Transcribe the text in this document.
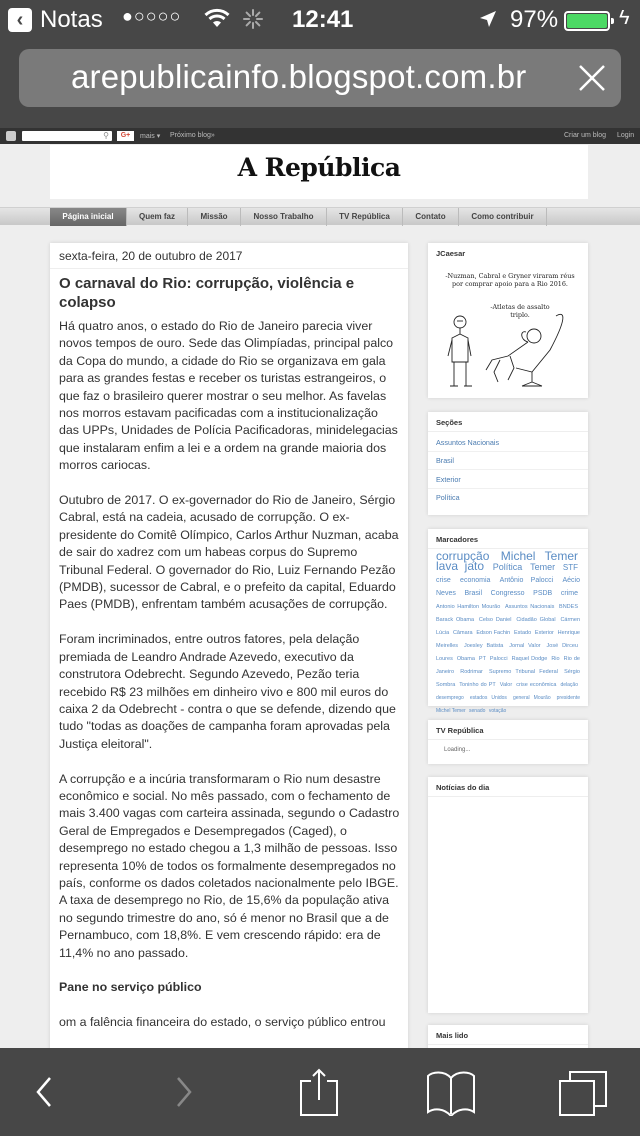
‹ Notas ●○○○○	12:41	97%	ϟ
arepublicainfo.blogspot.com.br
⚲	G+	mais ▾ Próximo blog»	Criar um blog Login
A República
Página inicial	Quem faz	Missão	Nosso Trabalho	TV República	Contato	Como contribuir
sexta-feira, 20 de outubro de 2017
O carnaval do Rio: corrupção, violência e colapso

Há quatro anos, o estado do Rio de Janeiro parecia viver novos tempos de ouro. Sede das Olimpíadas, principal palco da Copa do mundo, a cidade do Rio se organizava em gala para as grandes festas e receber os turistas estrangeiros, o que faz o brasileiro querer mostrar o seu melhor. As favelas nos morros estavam pacificadas com a institucionalização das UPPs, Unidades de Polícia Pacificadoras, minidelegacias que instalaram enfim a lei e a ordem na grande maioria dos morros cariocas.

Outubro de 2017. O ex-governador do Rio de Janeiro, Sérgio Cabral, está na cadeia, acusado de corrupção. O ex-presidente do Comitê Olímpico, Carlos Arthur Nuzman, acaba de sair do xadrez com um habeas corpus do Supremo Tribunal Federal. O governador do Rio, Luiz Fernando Pezão (PMDB), sucessor de Cabral, e o prefeito da capital, Eduardo Paes (PMDB), enfrentam também acusações de corrupção.

Foram incriminados, entre outros fatores, pela delação premiada de Leandro Andrade Azevedo, executivo da construtora Odebrecht. Segundo Azevedo, Pezão teria recebido R$ 23 milhões em dinheiro vivo e 800 mil euros do caixa 2 da Odebrecht - contra o que se defende, dizendo que tudo "todas as doações de campanha foram aprovadas pela Justiça eleitoral".

A corrupção e a incúria transformaram o Rio num desastre econômico e social. No mês passado, com o fechamento de mais 3.400 vagas com carteira assinada, segundo o Cadastro Geral de Empregados e Desempregados (Caged), o desemprego no estado chegou a 1,3 milhão de pessoas. Isso representa 10% de todos os formalmente desempregados no país, conforme os dados coletados nacionalmente pelo IBGE. A taxa de desemprego no Rio, de 15,6% da população ativa no segundo trimestre do ano, só é menor no Brasil que a de Pernambuco, com 18,8%. E vem crescendo rápido: era de 11,4% no ano passado.

Pane no serviço público

om a falência financeira do estado, o serviço público entrou

JCaesar
-Nuzman, Cabral e Gryner viraram réus por comprar apoio para a Rio 2016.
-Atletas de assalto triplo.
Seções
Assuntos Nacionais
Brasil
Exterior
Política
Marcadores
corrupção Michel Temer lava jato Política Temer STF crise economia Antônio Palocci Aécio Neves Brasil Congresso PSDB crime Antonio Hamilton Mourão Assuntos Nacionais BNDES Barack Obama Celso Daniel Cidadão Global Cármen Lúcia Câmara Edson Fachin Estado Exterior Henrique Meirelles Joesley Batista Jornal Valor José Dirceu Loures Obama PT Palocci Raquel Dodge Rio Rio de Janeiro Rodrimar Supremo Tribunal Federal Sérgio Sombra Toninho do PT Valor crise econômica delação desemprego estados Unidos general Mourão presidente Michel Temer senado votação
TV República
Loading...
Notícias do dia
Mais lido
